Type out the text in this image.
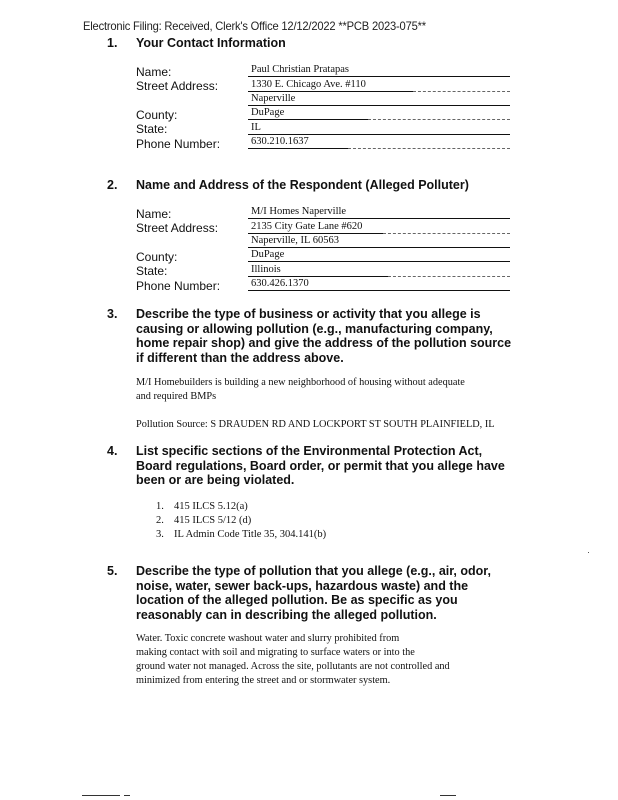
Electronic Filing: Received, Clerk's Office 12/12/2022 **PCB 2023-075**
1. Your Contact Information
Name:
Street Address:
County:
State:
Phone Number:
Paul Christian Pratapas
1330 E. Chicago Ave. #110
Naperville
DuPage
IL
630.210.1637
2. Name and Address of the Respondent (Alleged Polluter)
Name:
Street Address:
County:
State:
Phone Number:
M/I Homes Naperville
2135 City Gate Lane #620
Naperville, IL 60563
DuPage
Illinois
630.426.1370
3. Describe the type of business or activity that you allege is
causing or allowing pollution (e.g., manufacturing company,
home repair shop) and give the address of the pollution source
if different than the address above.
M/I Homebuilders is building a new neighborhood of housing without adequate
and required BMPs
Pollution Source: S DRAUDEN RD AND LOCKPORT ST SOUTH PLAINFIELD, IL
4. List specific sections of the Environmental Protection Act,
Board regulations, Board order, or permit that you allege have
been or are being violated.
1. 415 ILCS 5.12(a)
2. 415 ILCS 5/12 (d)
3. IL Admin Code Title 35, 304.141(b)
5. Describe the type of pollution that you allege (e.g., air, odor,
noise, water, sewer back-ups, hazardous waste) and the
location of the alleged pollution. Be as specific as you
reasonably can in describing the alleged pollution.
Water. Toxic concrete washout water and slurry prohibited from
making contact with soil and migrating to surface waters or into the
ground water not managed. Across the site, pollutants are not controlled and
minimized from entering the street and or stormwater system.
